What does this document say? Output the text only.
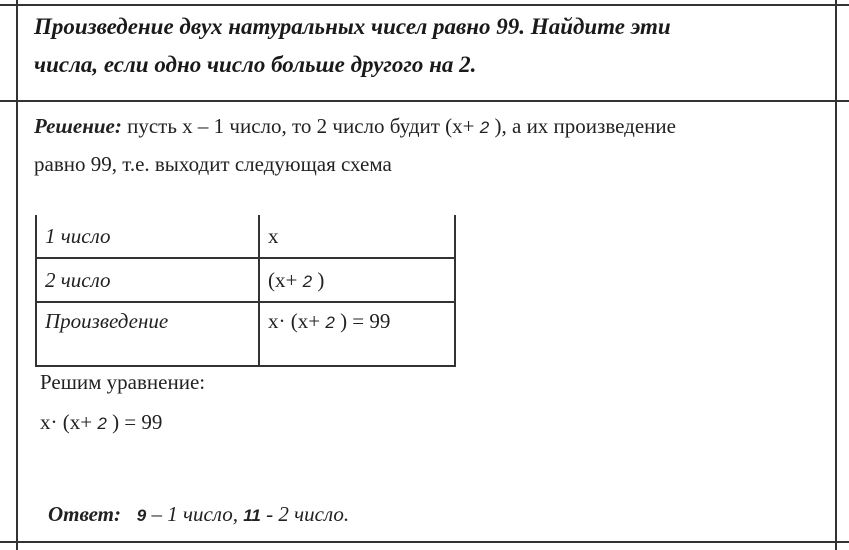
Произведение двух натуральных чисел равно 99. Найдите эти
числа, если одно число больше другого на 2.
Решение: пусть х – 1 число, то 2 число будит (х+ 2 ), а их произведение
равно 99, т.е. выходит следующая схема
1 число	х
2 число	(х+ 2 )
Произведение	х· (х+ 2 ) = 99
Решим уравнение:
х· (х+ 2 ) = 99
Ответ: 9 – 1 число, 11 - 2 число.
